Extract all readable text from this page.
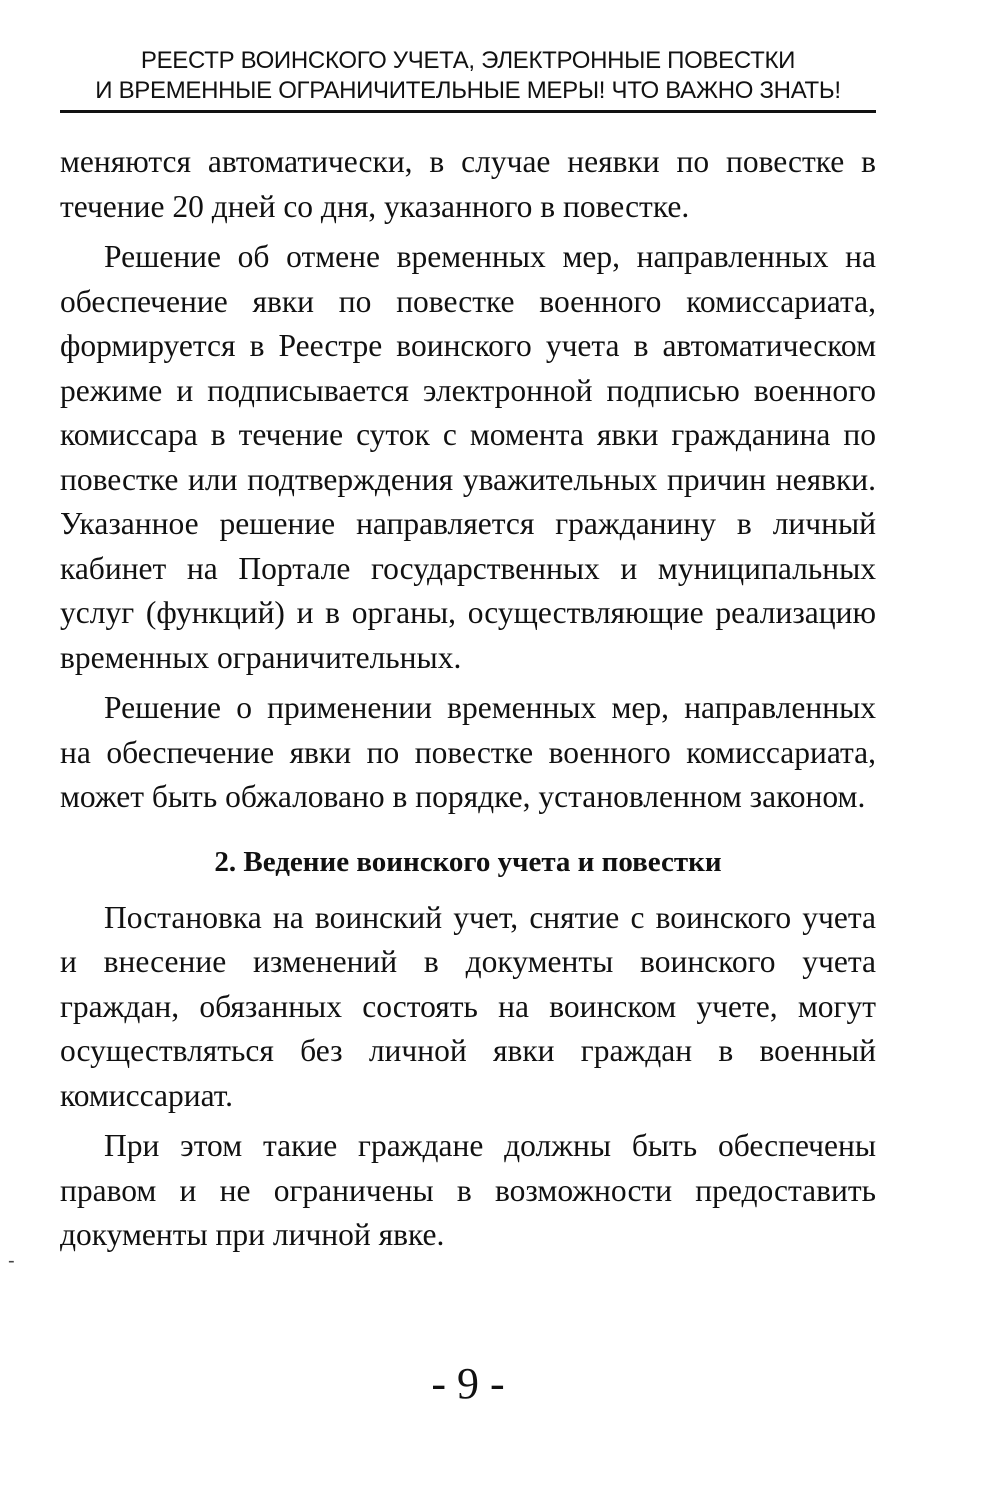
РЕЕСТР ВОИНСКОГО УЧЕТА, ЭЛЕКТРОННЫЕ ПОВЕСТКИ
И ВРЕМЕННЫЕ ОГРАНИЧИТЕЛЬНЫЕ МЕРЫ! ЧТО ВАЖНО ЗНАТЬ!

меняются автоматически, в случае неявки по повестке в течение 20 дней со дня, указанного в повестке.

Решение об отмене временных мер, направленных на обеспечение явки по повестке военного комиссариата, формируется в Реестре воинского учета в автоматическом режиме и подписывается электронной подписью военного комиссара в течение суток с момента явки гражданина по повестке или подтверждения уважительных причин неявки. Указанное решение направляется гражданину в личный кабинет на Портале государственных и муниципальных услуг (функций) и в органы, осуществляющие реализацию временных ограничительных.

Решение о применении временных мер, направленных на обеспечение явки по повестке военного комиссариата, может быть обжаловано в порядке, установленном законом.

2. Ведение воинского учета и повестки

Постановка на воинский учет, снятие с воинского учета и внесение изменений в документы воинского учета граждан, обязанных состоять на воинском учете, могут осуществляться без личной явки граждан в военный комиссариат.

При этом такие граждане должны быть обеспечены правом и не ограничены в возможности предоставить документы при личной явке.

-
- 9 -
